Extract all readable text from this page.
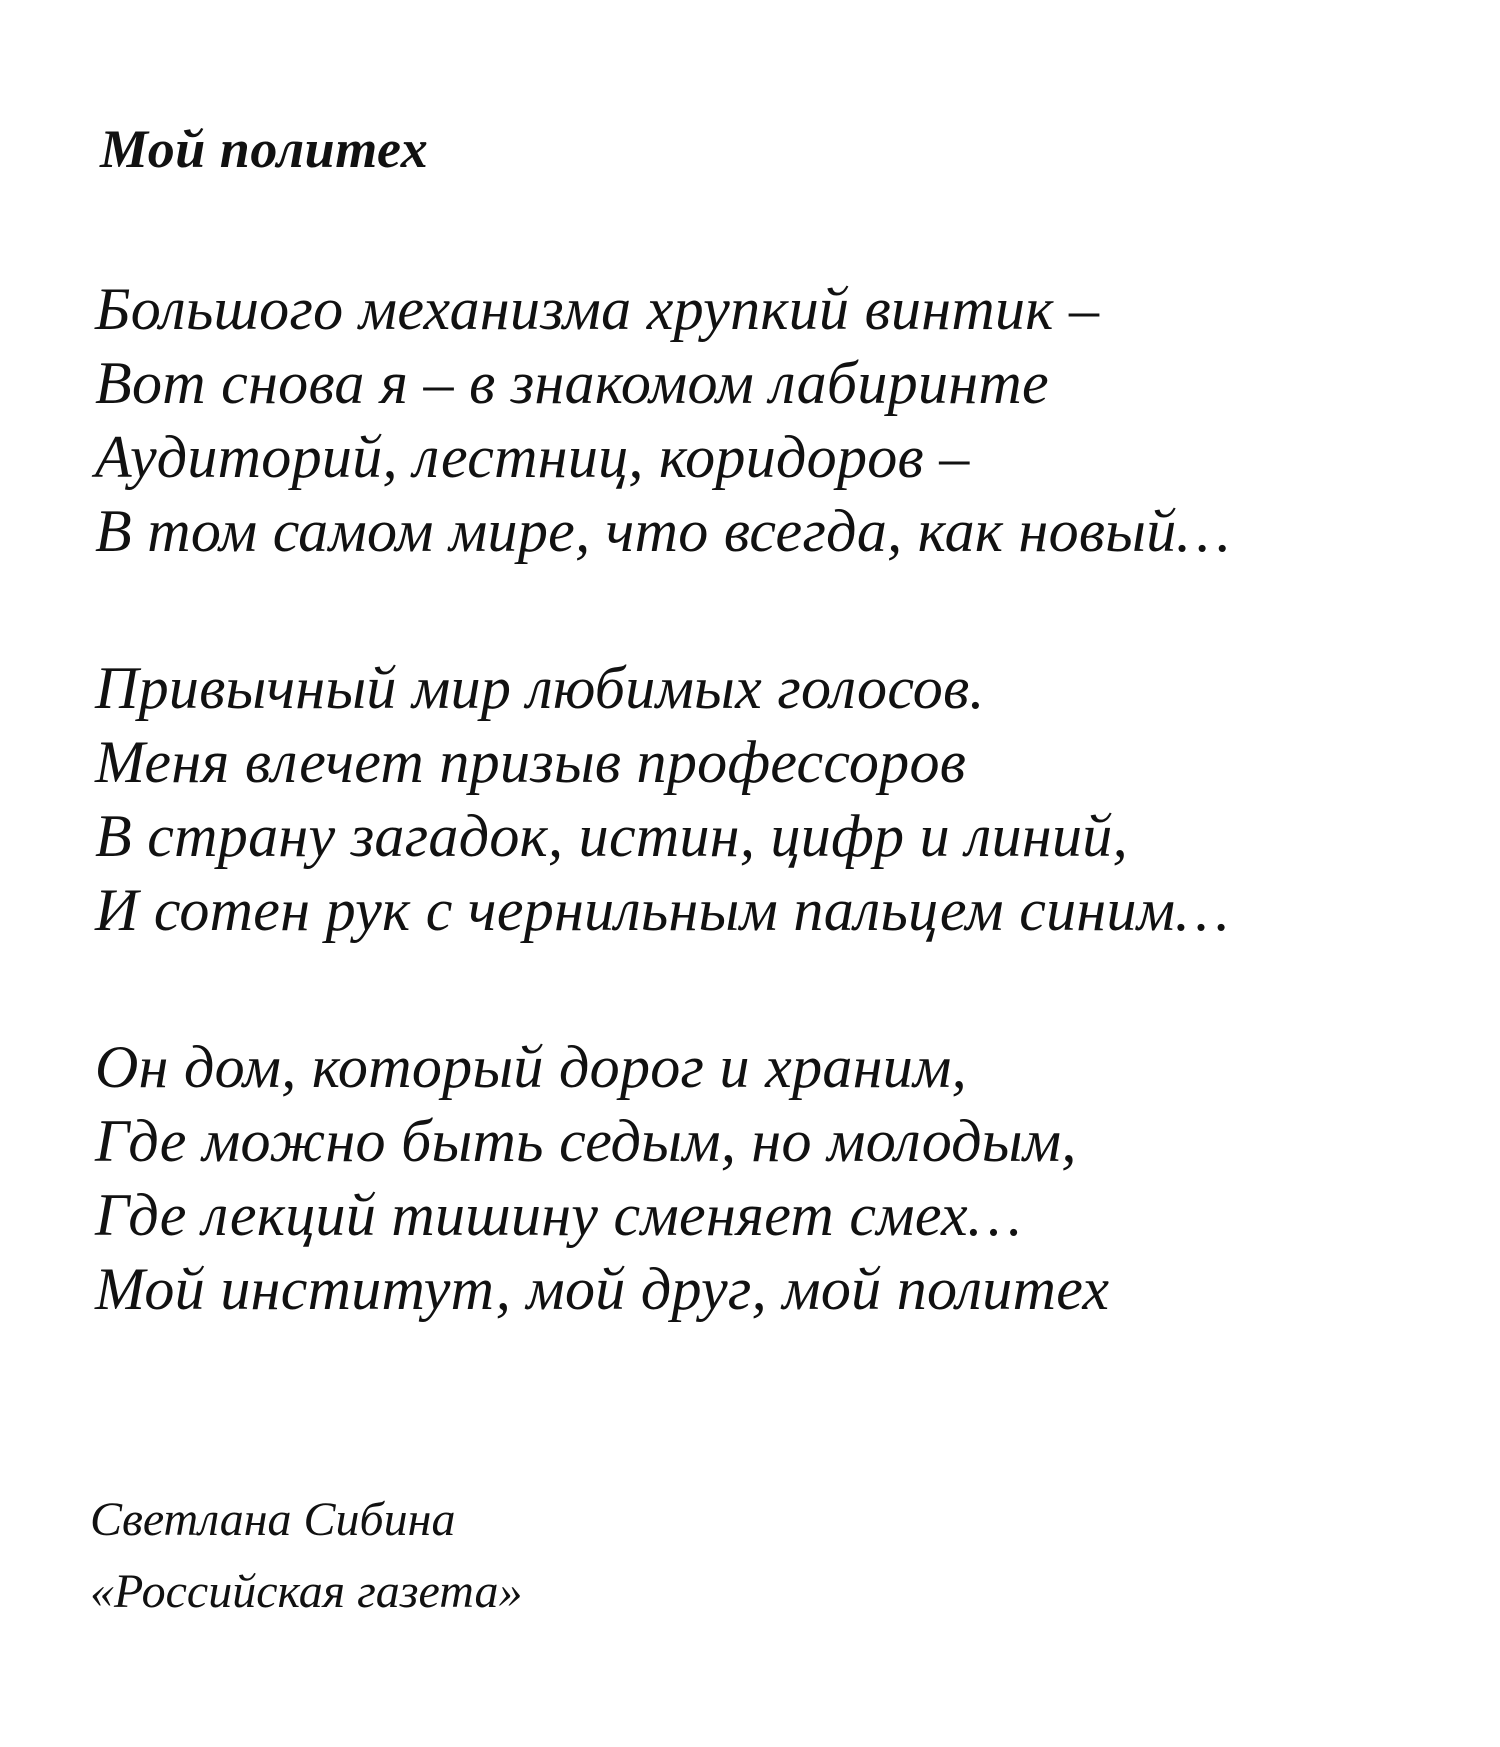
Мой политех
Большого механизма хрупкий винтик –
Вот снова я – в знакомом лабиринте
Аудиторий, лестниц, коридоров –
В том самом мире, что всегда, как новый…
Привычный мир любимых голосов.
Меня влечет призыв профессоров
В страну загадок, истин, цифр и линий,
И сотен рук с чернильным пальцем синим…
Он дом, который дорог и храним,
Где можно быть седым, но молодым,
Где лекций тишину сменяет смех…
Мой институт, мой друг, мой политех
Светлана Сибина
«Российская газета»
